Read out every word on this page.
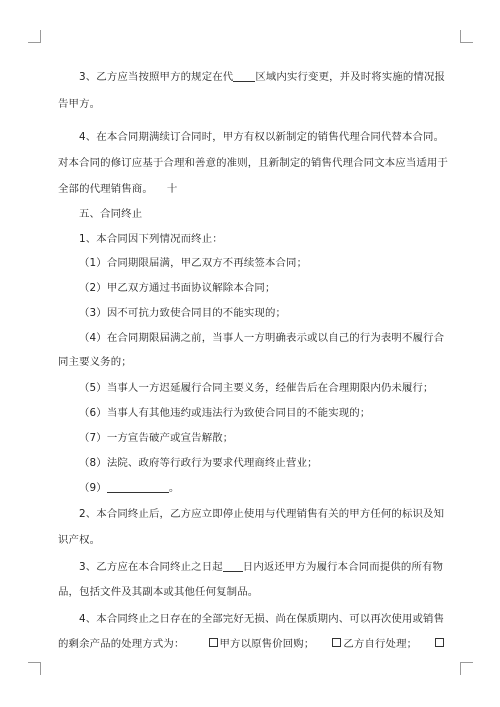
3、乙方应当按照甲方的规定在代 区域内实行变更，并及时将实施的情况报
告甲方。
4、在本合同期满续订合同时，甲方有权以新制定的销售代理合同代替本合同。
对本合同的修订应基于合理和善意的准则，且新制定的销售代理合同文本应当适用于
全部的代理销售商。 十
五、合同终止
1、本合同因下列情况而终止：
（1）合同期限届满，甲乙双方不再续签本合同；
（2）甲乙双方通过书面协议解除本合同；
（3）因不可抗力致使合同目的不能实现的；
（4）在合同期限届满之前，当事人一方明确表示或以自己的行为表明不履行合
同主要义务的；
（5）当事人一方迟延履行合同主要义务，经催告后在合理期限内仍未履行；
（6）当事人有其他违约或违法行为致使合同目的不能实现的；
（7）一方宣告破产或宣告解散；
（8）法院、政府等行政行为要求代理商终止营业；
（9）	。
2、本合同终止后，乙方应立即停止使用与代理销售有关的甲方任何的标识及知
识产权。
3、乙方应在本合同终止之日起 日内返还甲方为履行本合同而提供的所有物
品，包括文件及其副本或其他任何复制品。
4、本合同终止之日存在的全部完好无损、尚在保质期内、可以再次使用或销售
的剩余产品的处理方式为：	甲方以原售价回购；	乙方自行处理；
